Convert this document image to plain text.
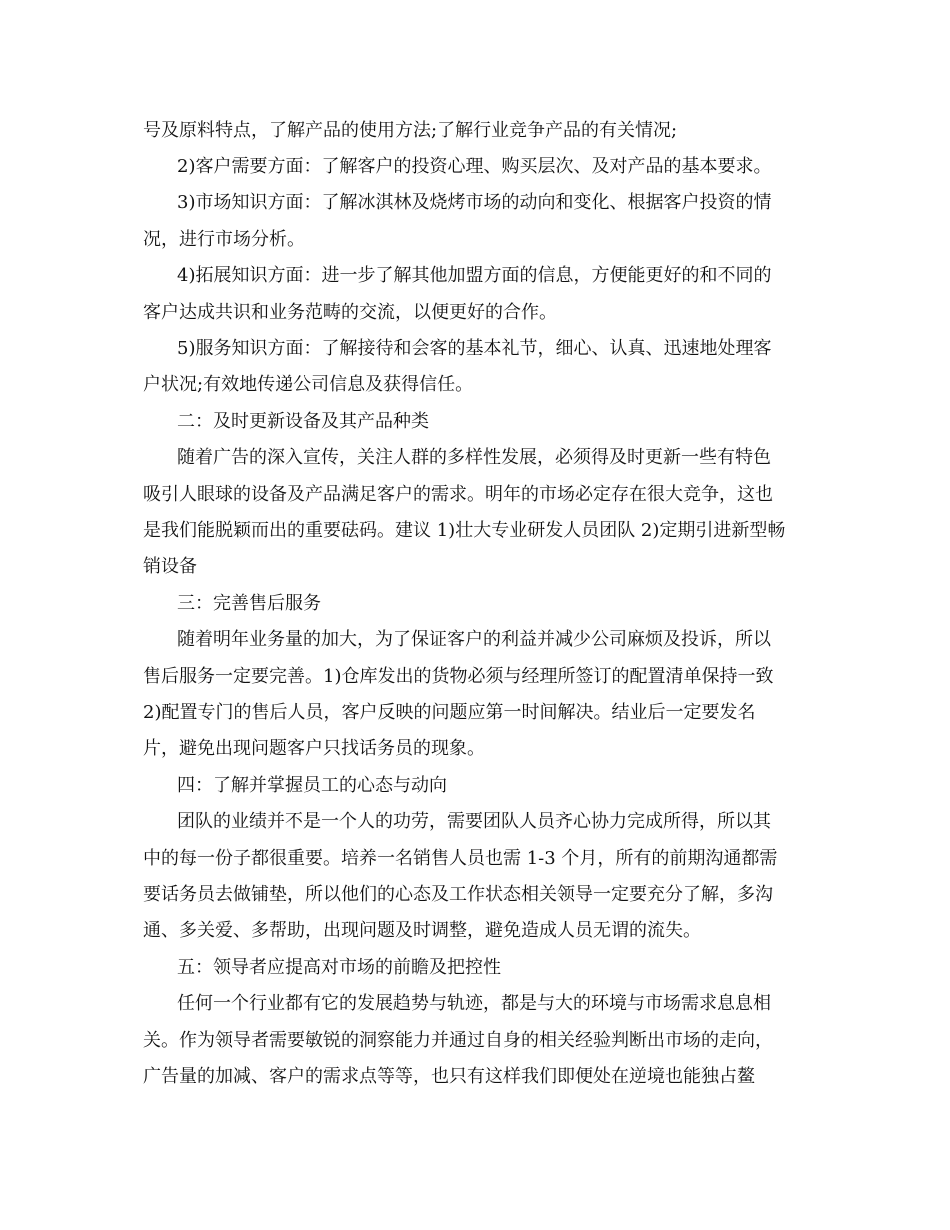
号及原料特点，了解产品的使用方法;了解行业竞争产品的有关情况;
2)客户需要方面：了解客户的投资心理、购买层次、及对产品的基本要求。
3)市场知识方面：了解冰淇林及烧烤市场的动向和变化、根据客户投资的情
况，进行市场分析。
4)拓展知识方面：进一步了解其他加盟方面的信息，方便能更好的和不同的
客户达成共识和业务范畴的交流，以便更好的合作。
5)服务知识方面：了解接待和会客的基本礼节，细心、认真、迅速地处理客
户状况;有效地传递公司信息及获得信任。
二：及时更新设备及其产品种类
随着广告的深入宣传，关注人群的多样性发展，必须得及时更新一些有特色
吸引人眼球的设备及产品满足客户的需求。明年的市场必定存在很大竞争，这也
是我们能脱颖而出的重要砝码。建议 1)壮大专业研发人员团队 2)定期引进新型畅
销设备
三：完善售后服务
随着明年业务量的加大，为了保证客户的利益并减少公司麻烦及投诉，所以
售后服务一定要完善。1)仓库发出的货物必须与经理所签订的配置清单保持一致
2)配置专门的售后人员，客户反映的问题应第一时间解决。结业后一定要发名
片，避免出现问题客户只找话务员的现象。
四：了解并掌握员工的心态与动向
团队的业绩并不是一个人的功劳，需要团队人员齐心协力完成所得，所以其
中的每一份子都很重要。培养一名销售人员也需 1-3 个月，所有的前期沟通都需
要话务员去做铺垫，所以他们的心态及工作状态相关领导一定要充分了解，多沟
通、多关爱、多帮助，出现问题及时调整，避免造成人员无谓的流失。
五：领导者应提高对市场的前瞻及把控性
任何一个行业都有它的发展趋势与轨迹，都是与大的环境与市场需求息息相
关。作为领导者需要敏锐的洞察能力并通过自身的相关经验判断出市场的走向，
广告量的加减、客户的需求点等等，也只有这样我们即便处在逆境也能独占鳌
